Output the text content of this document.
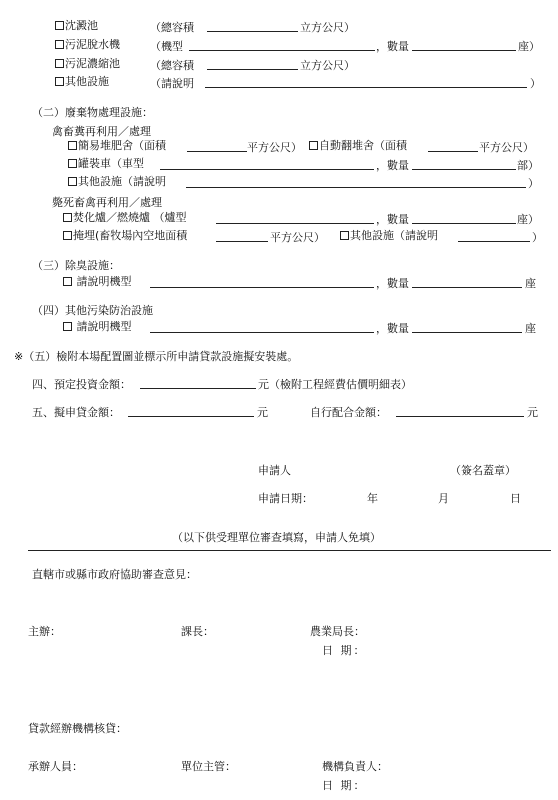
沈澱池	（總容積	立方公尺）
污泥脫水機	（機型	，數量	座）
污泥濃縮池	（總容積	立方公尺）
其他設施	（請說明	）
（二）廢棄物處理設施：
禽畜糞再利用／處理
簡易堆肥舍（面積	平方公尺）	自動翻堆舍（面積	平方公尺）
罐裝車（車型	，數量	部）
其他設施（請說明	）
斃死畜禽再利用／處理
焚化爐／燃燒爐 （爐型	，數量	座）
掩埋(畜牧場內空地面積	平方公尺）	其他設施（請說明	）
（三）除臭設施：
請說明機型	，數量	座
（四）其他污染防治設施
請說明機型	，數量	座
※（五）檢附本場配置圖並標示所申請貸款設施擬安裝處。
四、預定投資金額：	元（檢附工程經費估價明細表）
五、擬申貸金額：	元	自行配合金額：	元
申請人	（簽名蓋章）
申請日期：	年	月	日
（以下供受理單位審查填寫，申請人免填）
直轄市或縣市政府協助審查意見：
主辦：	課長：	農業局長：
日 期：
貸款經辦機構核貸：
承辦人員：	單位主管：	機構負責人：
日 期：
